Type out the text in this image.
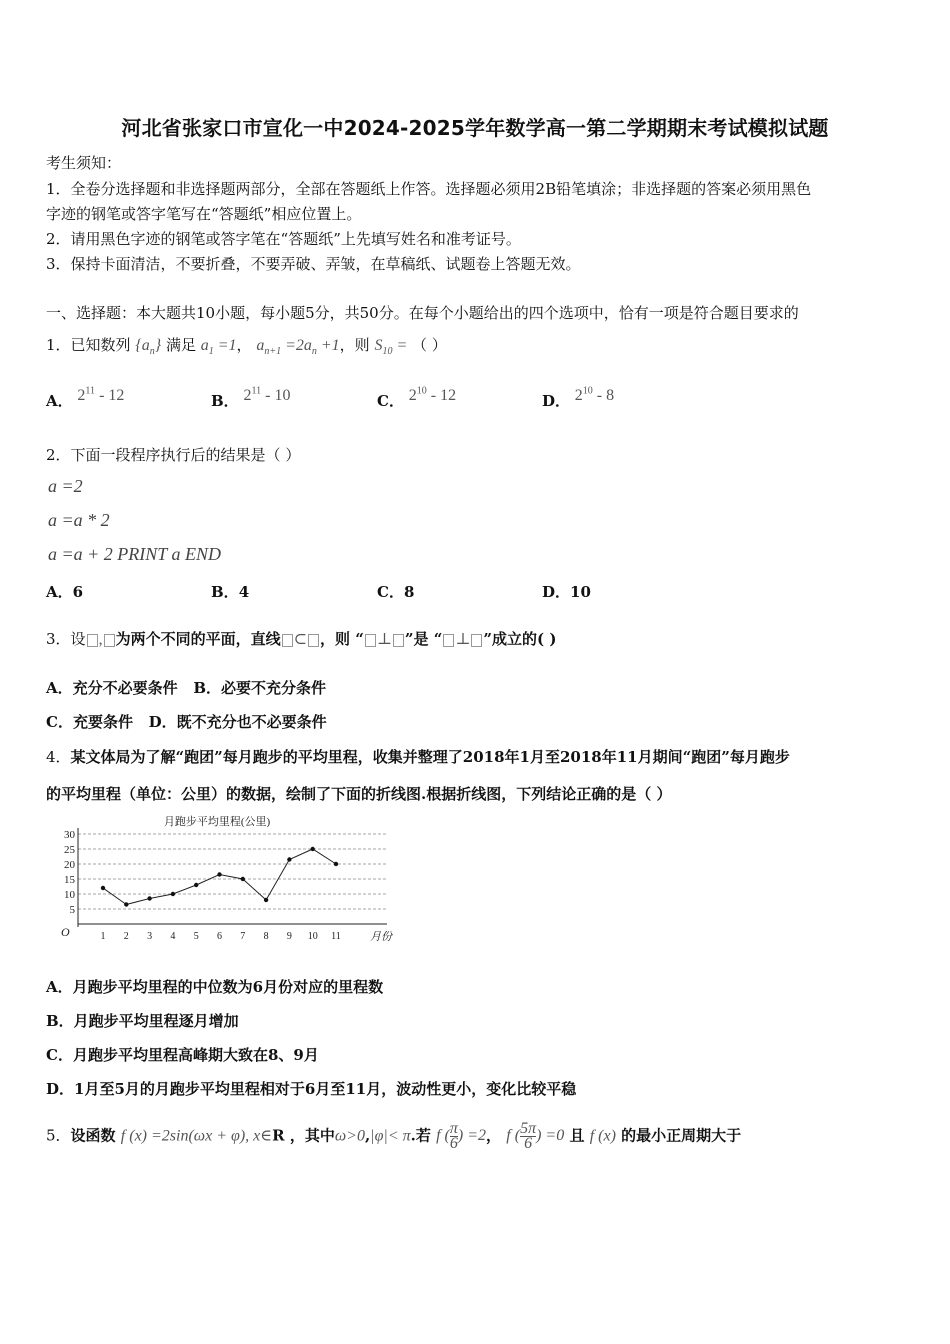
河北省张家口市宣化一中2024-2025学年数学高一第二学期期末考试模拟试题
考生须知：
1．全卷分选择题和非选择题两部分，全部在答题纸上作答。选择题必须用2B铅笔填涂；非选择题的答案必须用黑色
字迹的钢笔或答字笔写在“答题纸”相应位置上。
2．请用黑色字迹的钢笔或答字笔在“答题纸”上先填写姓名和准考证号。
3．保持卡面清洁，不要折叠，不要弄破、弄皱，在草稿纸、试题卷上答题无效。
一、选择题：本大题共10小题，每小题5分，共50分。在每个小题给出的四个选项中，恰有一项是符合题目要求的
1．已知数列 $\{a_n\}$ 满足 $a_1 =1$， $a_{n+1} =2a_n +1$，则 $S_{10}$ = （ ）
A． $2^{11} - 12$	B． $2^{11} - 10$	C． $2^{10} - 12$	D． $2^{10} - 8$
2．下面一段程序执行后的结果是（ ）
a =2
a =a * 2
a =a + 2 PRINT a END
A．6	B．4	C．8	D．10
3．设 , 为两个不同的平面，直线 ⊂ ，则 “ ⊥ ”是 “ ⊥ ”成立的( )
A．充分不必要条件 B．必要不充分条件
C．充要条件 D．既不充分也不必要条件
4．某文体局为了解“跑团”每月跑步的平均里程，收集并整理了2018年1月至2018年11月期间“跑团”每月跑步
的平均里程（单位：公里）的数据，绘制了下面的折线图.根据折线图，下列结论正确的是（ ）
5
10
15
20
25
30
1 2 3 4 5 6 7 8 9 10 11
月跑步平均里程(公里)
O	月份
A．月跑步平均里程的中位数为6月份对应的里程数
B．月跑步平均里程逐月增加
C．月跑步平均里程高峰期大致在8、9月
D．1月至5月的月跑步平均里程相对于6月至11月，波动性更小，变化比较平稳
5．设函数 f (x) =2sin(ωx + φ), x∈R ，其中ω>0,|φ|< π.若 f ( $\frac{\pi}{6}$ ) =2， f ( $\frac{5\pi}{6}$ ) =0 且 f (x) 的最小正周期大于
